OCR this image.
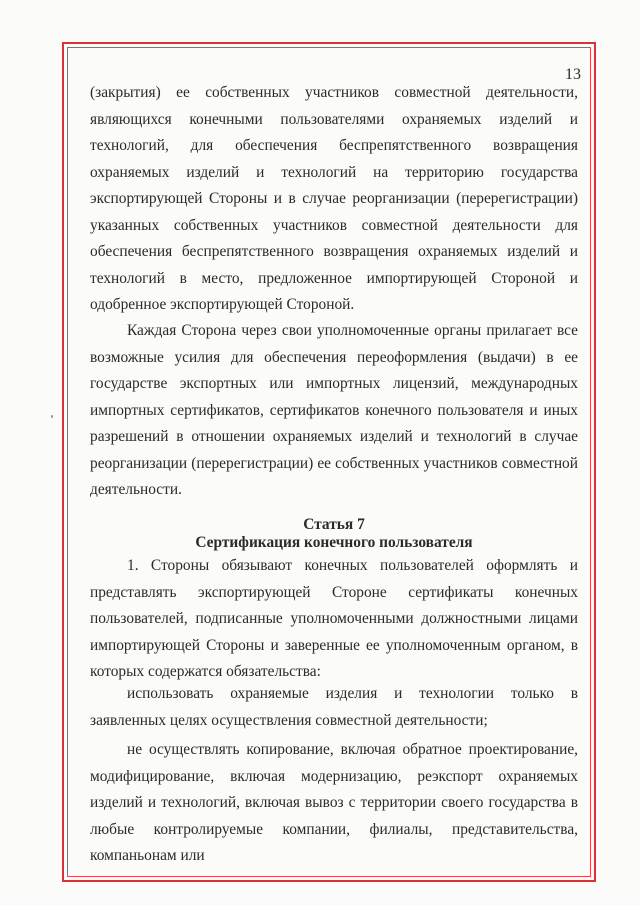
13
(закрытия) ее собственных участников совместной деятельности, являющихся конечными пользователями охраняемых изделий и технологий, для обеспечения беспрепятственного возвращения охраняемых изделий и технологий на территорию государства экспортирующей Стороны и в случае реорганизации (перерегистрации) указанных собственных участников совместной деятельности для обеспечения беспрепятственного возвращения охраняемых изделий и технологий в место, предложенное импортирующей Стороной и одобренное экспортирующей Стороной.
Каждая Сторона через свои уполномоченные органы прилагает все возможные усилия для обеспечения переоформления (выдачи) в ее государстве экспортных или импортных лицензий, международных импортных сертификатов, сертификатов конечного пользователя и иных разрешений в отношении охраняемых изделий и технологий в случае реорганизации (перерегистрации) ее собственных участников совместной деятельности.
Статья 7
Сертификация конечного пользователя
1. Стороны обязывают конечных пользователей оформлять и представлять экспортирующей Стороне сертификаты конечных пользователей, подписанные уполномоченными должностными лицами импортирующей Стороны и заверенные ее уполномоченным органом, в которых содержатся обязательства:
использовать охраняемые изделия и технологии только в заявленных целях осуществления совместной деятельности;
не осуществлять копирование, включая обратное проектирование, модифицирование, включая модернизацию, реэкспорт охраняемых изделий и технологий, включая вывоз с территории своего государства в любые контролируемые компании, филиалы, представительства, компаньонам или
